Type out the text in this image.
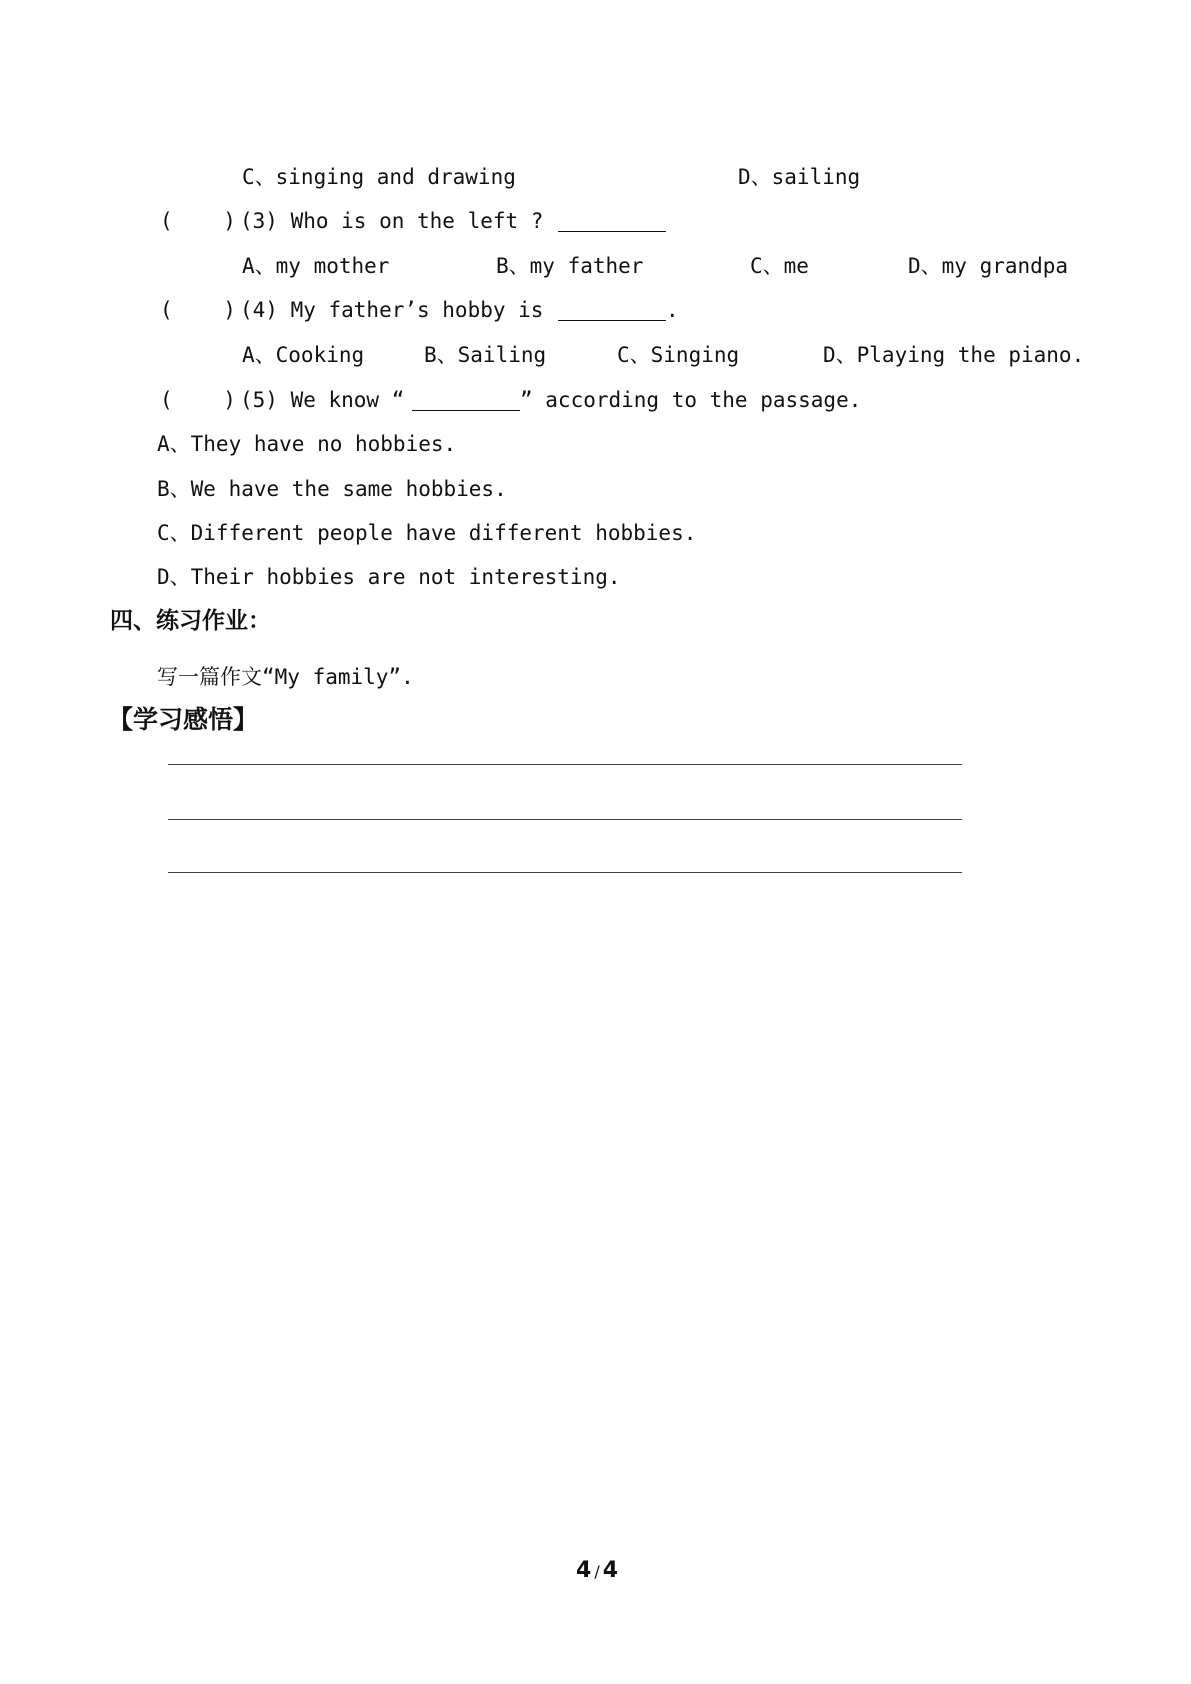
C、singing and drawing	D、sailing
(    ) (3) Who is on the left ?
A、my mother	B、my father	C、me	D、my grandpa
(    ) (4) My father’s hobby is	.
A、Cooking	B、Sailing	C、Singing	D、Playing the piano.
(    ) (5) We know “	” according to the passage.
A、They have no hobbies.
B、We have the same hobbies.
C、Different people have different hobbies.
D、Their hobbies are not interesting.
四、练习作业：
写一篇作文“My family”.
【学习感悟】
4 / 4
